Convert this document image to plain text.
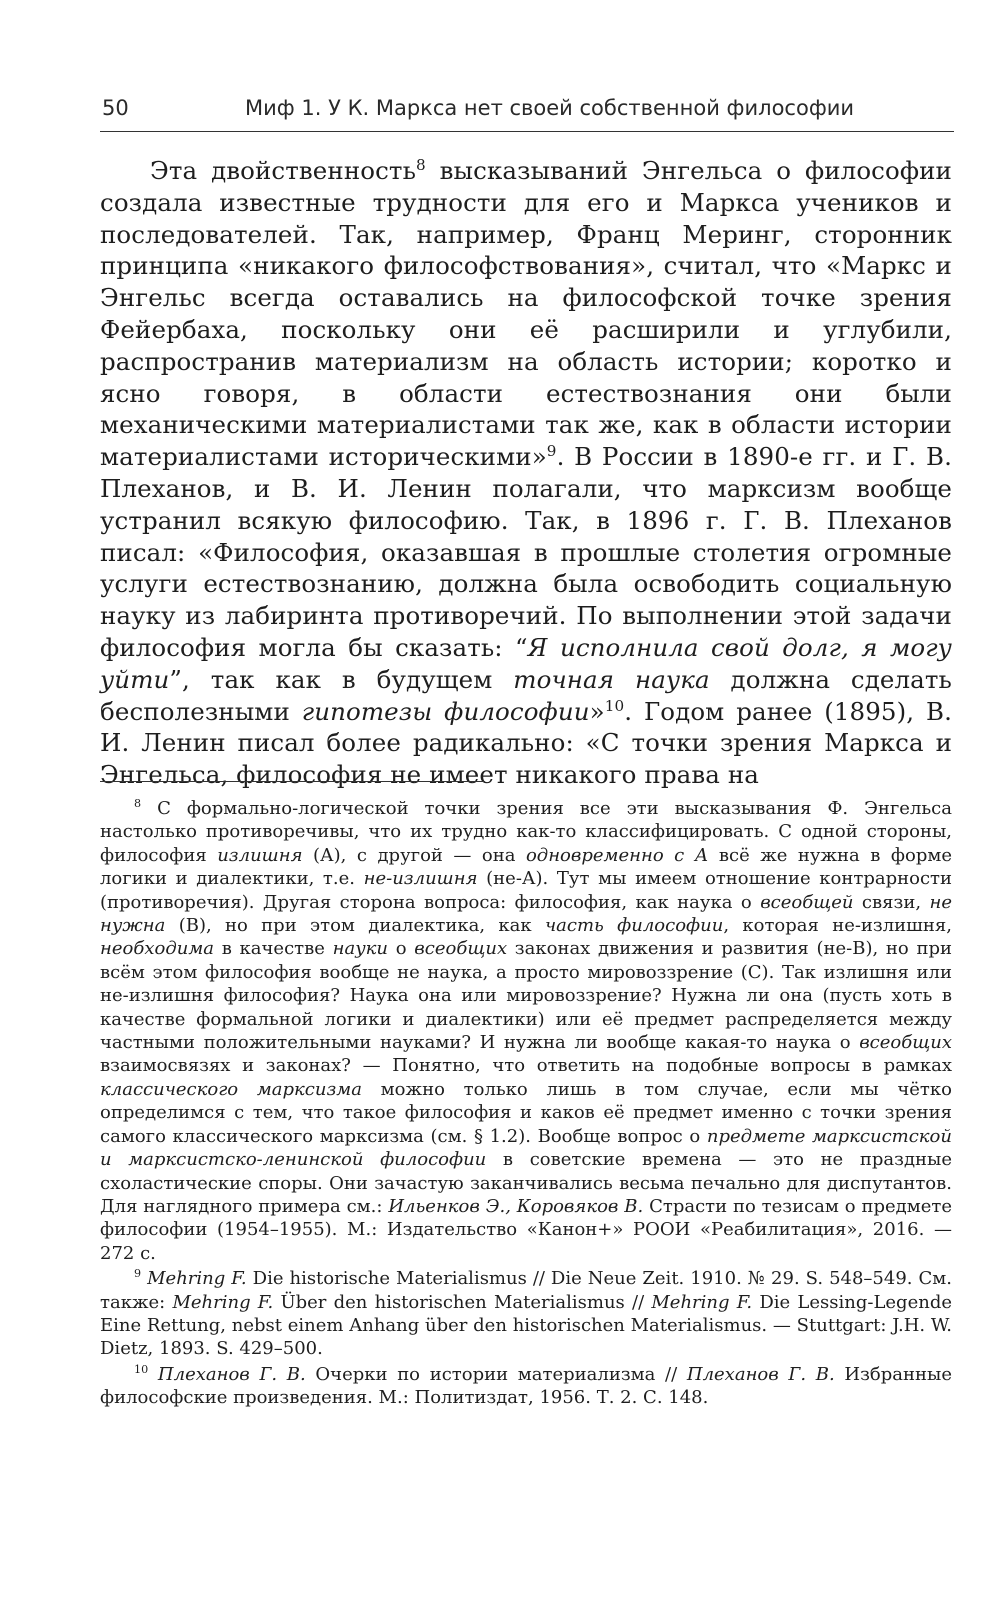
50	Миф 1. У К. Маркса нет своей собственной философии
Эта двойственность$^8$ высказываний Энгельса о философии создала известные трудности для его и Маркса учеников и последователей. Так, например, Франц Меринг, сторонник принципа «никакого философствования», считал, что «Маркс и Энгельс всегда оставались на философской точке зрения Фейербаха, поскольку они её расширили и углубили, распространив материализм на область истории; коротко и ясно говоря, в области естествознания они были механическими материалистами так же, как в области истории материалистами историческими»$^9$. В России в 1890-е гг. и Г. В. Плеханов, и В. И. Ленин полагали, что марксизм вообще устранил всякую философию. Так, в 1896 г. Г. В. Плеханов писал: «Философия, оказавшая в прошлые столетия огромные услуги естествознанию, должна была освободить социальную науку из лабиринта противоречий. По выполнении этой задачи философия могла бы сказать: “Я исполнила свой долг, я могу уйти”, так как в будущем точная наука должна сделать бесполезными гипотезы философии»$^{10}$. Годом ранее (1895), В. И. Ленин писал более радикально: «С точки зрения Маркса и Энгельса, философия не имеет никакого права на

$^8$ С формально-логической точки зрения все эти высказывания Ф. Энгельса настолько противоречивы, что их трудно как-то классифицировать. С одной стороны, философия излишня (А), с другой — она одновременно с А всё же нужна в форме логики и диалектики, т.е. не-излишня (не-А). Тут мы имеем отношение контрарности (противоречия). Другая сторона вопроса: философия, как наука о всеобщей связи, не нужна (В), но при этом диалектика, как часть философии, которая не-излишня, необходима в качестве науки о всеобщих законах движения и развития (не-В), но при всём этом философия вообще не наука, а просто мировоззрение (С). Так излишня или не-излишня философия? Наука она или мировоззрение? Нужна ли она (пусть хоть в качестве формальной логики и диалектики) или её предмет распределяется между частными положительными науками? И нужна ли вообще какая-то наука о всеобщих взаимосвязях и законах? — Понятно, что ответить на подобные вопросы в рамках классического марксизма можно только лишь в том случае, если мы чётко определимся с тем, что такое философия и каков её предмет именно с точки зрения самого классического марксизма (см. § 1.2). Вообще вопрос о предмете марксистской и марксистско-ленинской философии в советские времена — это не праздные схоластические споры. Они зачастую заканчивались весьма печально для диспутантов. Для наглядного примера см.: Ильенков Э., Коровяков В. Страсти по тезисам о предмете философии (1954–1955). М.: Издательство «Канон+» РООИ «Реабилитация», 2016. — 272 с.

$^9$ Mehring F. Die historische Materialismus // Die Neue Zeit. 1910. № 29. S. 548–549. См. также: Mehring F. Über den historischen Materialismus // Mehring F. Die Lessing-Legende Eine Rettung, nebst einem Anhang über den historischen Materialismus. — Stuttgart: J.H. W. Dietz, 1893. S. 429–500.

$^{10}$ Плеханов Г. В. Очерки по истории материализма // Плеханов Г. В. Избранные философские произведения. М.: Политиздат, 1956. Т. 2. С. 148.
